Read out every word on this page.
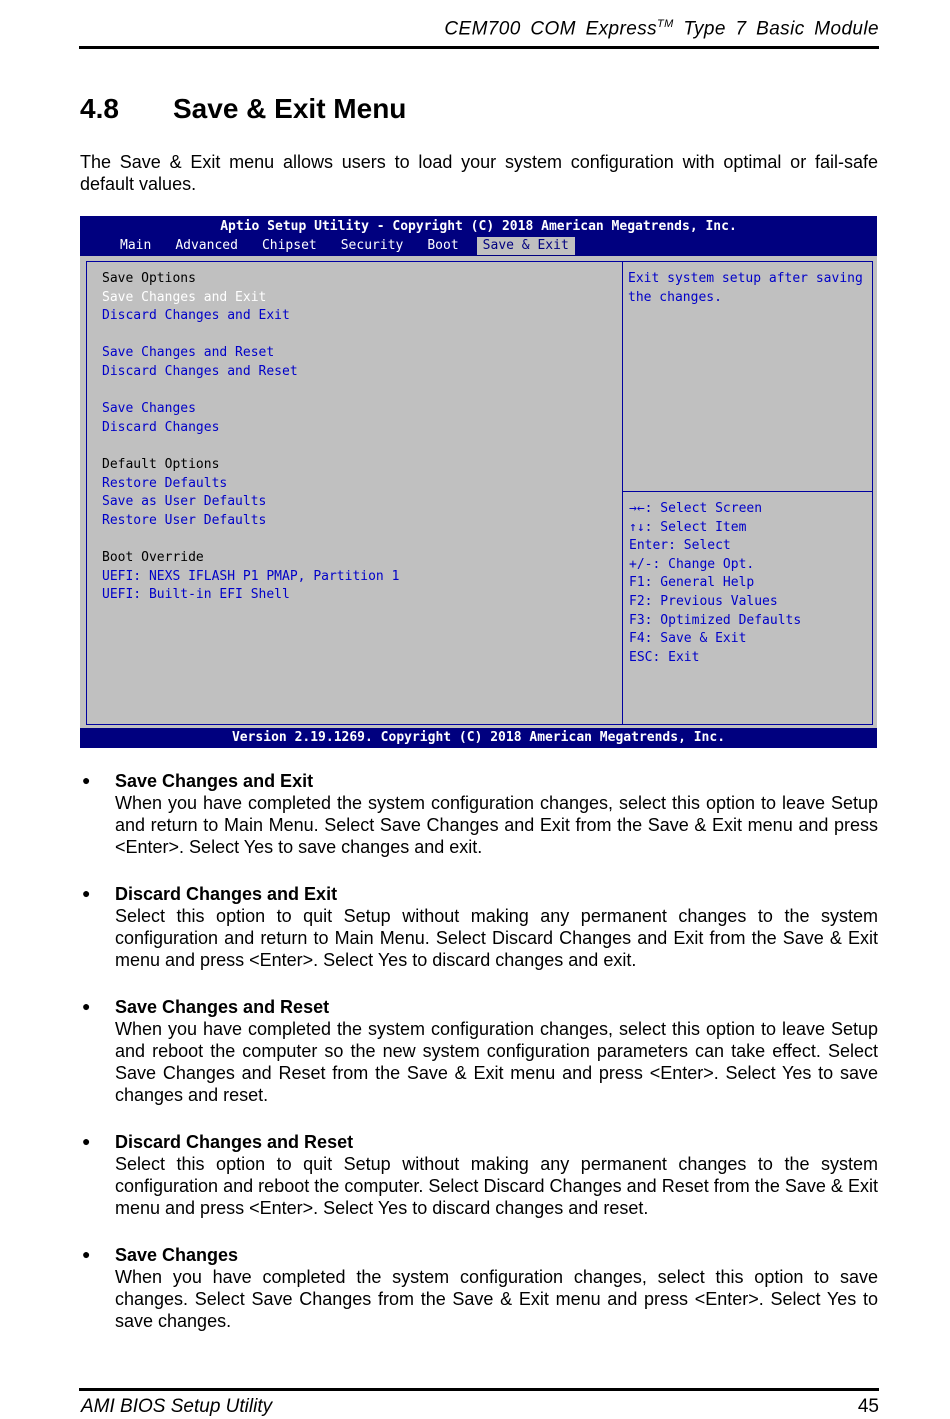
CEM700 COM Express™ Type 7 Basic Module
4.8 Save & Exit Menu
The Save & Exit menu allows users to load your system configuration with optimal or fail-safe default values.
Aptio Setup Utility - Copyright (C) 2018 American Megatrends, Inc.
Main Advanced Chipset Security Boot Save & Exit
Save Options
Save Changes and Exit
Discard Changes and Exit
Save Changes and Reset
Discard Changes and Reset
Save Changes
Discard Changes
Default Options
Restore Defaults
Save as User Defaults
Restore User Defaults
Boot Override
UEFI: NEXS IFLASH P1 PMAP, Partition 1
UEFI: Built-in EFI Shell
Exit system setup after saving
the changes.
→←: Select Screen
↑↓: Select Item
Enter: Select
+/-: Change Opt.
F1: General Help
F2: Previous Values
F3: Optimized Defaults
F4: Save & Exit
ESC: Exit
Version 2.19.1269. Copyright (C) 2018 American Megatrends, Inc.
● Save Changes and Exit
When you have completed the system configuration changes, select this option to leave Setup and return to Main Menu. Select Save Changes and Exit from the Save & Exit menu and press <Enter>. Select Yes to save changes and exit.
● Discard Changes and Exit
Select this option to quit Setup without making any permanent changes to the system configuration and return to Main Menu. Select Discard Changes and Exit from the Save & Exit menu and press <Enter>. Select Yes to discard changes and exit.
● Save Changes and Reset
When you have completed the system configuration changes, select this option to leave Setup and reboot the computer so the new system configuration parameters can take effect. Select Save Changes and Reset from the Save & Exit menu and press <Enter>. Select Yes to save changes and reset.
● Discard Changes and Reset
Select this option to quit Setup without making any permanent changes to the system configuration and reboot the computer. Select Discard Changes and Reset from the Save & Exit menu and press <Enter>. Select Yes to discard changes and reset.
● Save Changes
When you have completed the system configuration changes, select this option to save changes. Select Save Changes from the Save & Exit menu and press <Enter>. Select Yes to save changes.
AMI BIOS Setup Utility	45
